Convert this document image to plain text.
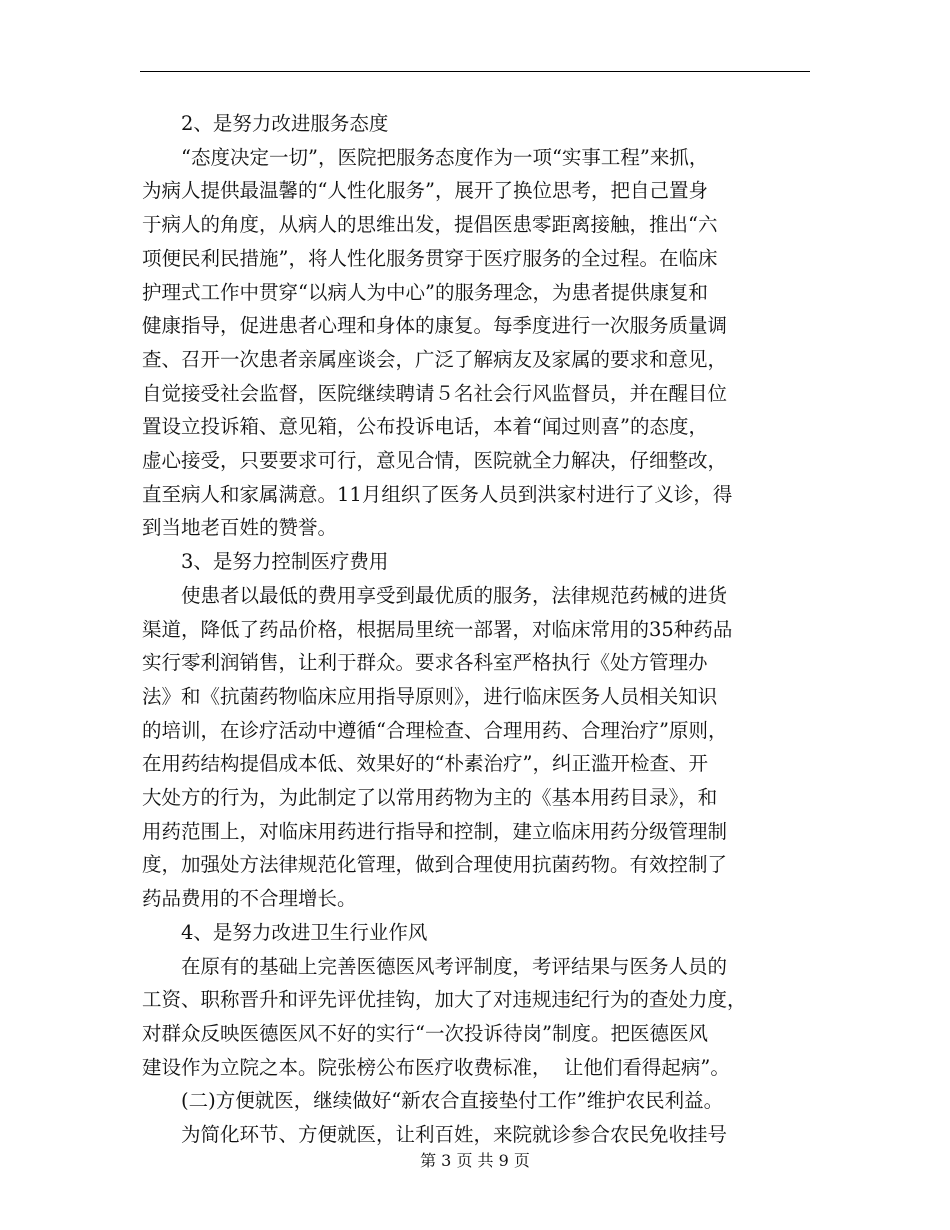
　　2、是努力改进服务态度
　　“态度决定一切”，医院把服务态度作为一项“实事工程”来抓，
为病人提供最温馨的“人性化服务”，展开了换位思考，把自己置身
于病人的角度，从病人的思维出发，提倡医患零距离接触，推出“六
项便民利民措施”，将人性化服务贯穿于医疗服务的全过程。在临床
护理式工作中贯穿“以病人为中心”的服务理念，为患者提供康复和
健康指导，促进患者心理和身体的康复。每季度进行一次服务质量调
查、召开一次患者亲属座谈会，广泛了解病友及家属的要求和意见，
自觉接受社会监督，医院继续聘请５名社会行风监督员，并在醒目位
置设立投诉箱、意见箱，公布投诉电话，本着“闻过则喜”的态度，
虚心接受，只要要求可行，意见合情，医院就全力解决，仔细整改，
直至病人和家属满意。11月组织了医务人员到洪家村进行了义诊，得
到当地老百姓的赞誉。
　　3、是努力控制医疗费用
　　使患者以最低的费用享受到最优质的服务，法律规范药械的进货
渠道，降低了药品价格，根据局里统一部署，对临床常用的35种药品
实行零利润销售，让利于群众。要求各科室严格执行《处方管理办
法》和《抗菌药物临床应用指导原则》，进行临床医务人员相关知识
的培训，在诊疗活动中遵循“合理检查、合理用药、合理治疗”原则，
在用药结构提倡成本低、效果好的“朴素治疗”，纠正滥开检查、开
大处方的行为，为此制定了以常用药物为主的《基本用药目录》，和
用药范围上，对临床用药进行指导和控制，建立临床用药分级管理制
度，加强处方法律规范化管理，做到合理使用抗菌药物。有效控制了
药品费用的不合理增长。
　　4、是努力改进卫生行业作风
　　在原有的基础上完善医德医风考评制度，考评结果与医务人员的
工资、职称晋升和评先评优挂钩，加大了对违规违纪行为的查处力度，
对群众反映医德医风不好的实行“一次投诉待岗”制度。把医德医风
建设作为立院之本。院张榜公布医疗收费标准，  让他们看得起病”。
　　(二)方便就医，继续做好“新农合直接垫付工作”维护农民利益。
　　为简化环节、方便就医，让利百姓，来院就诊参合农民免收挂号
第 3 页 共 9 页
